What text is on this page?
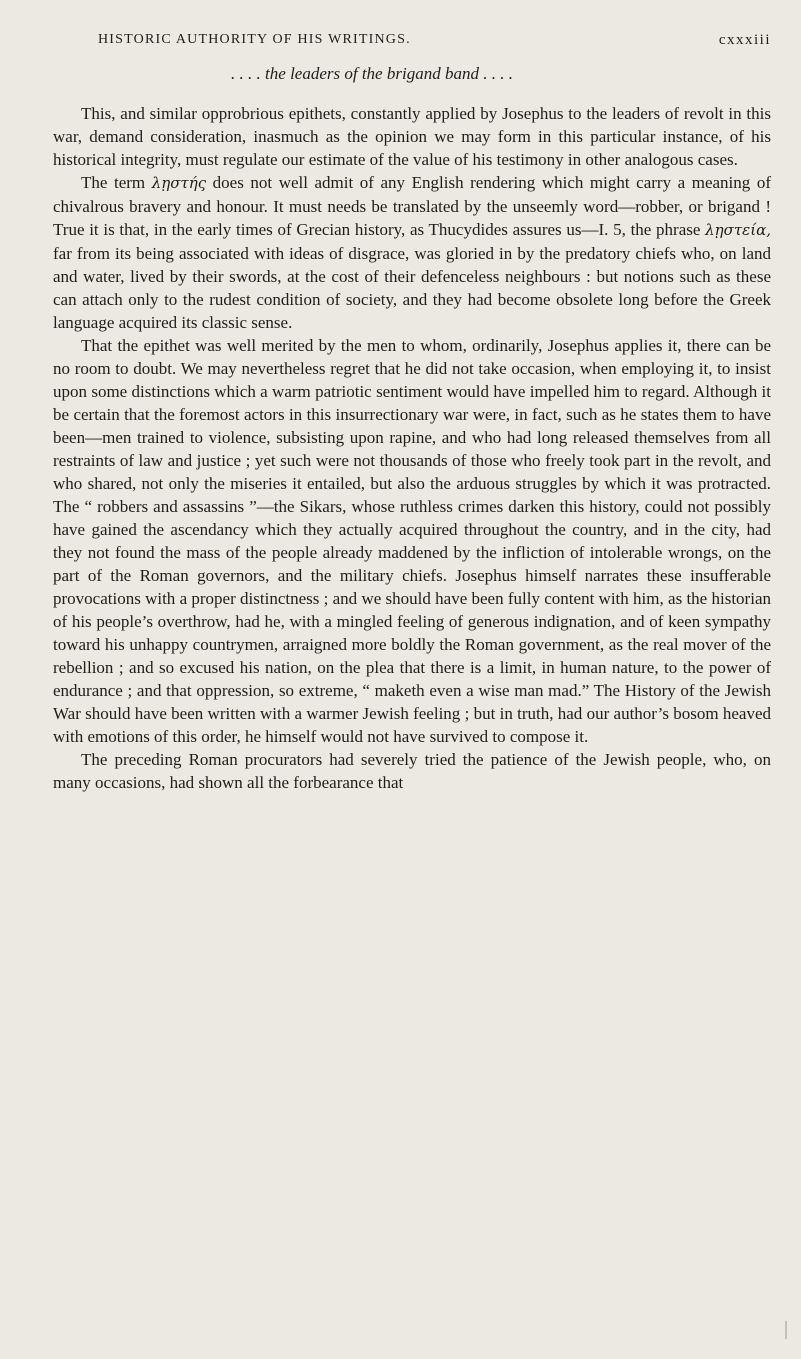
HISTORIC AUTHORITY OF HIS WRITINGS.	cxxxiii
. . . . the leaders of the brigand band . . . .

This, and similar opprobrious epithets, constantly applied by Josephus to the leaders of revolt in this war, demand consideration, inasmuch as the opinion we may form in this particular instance, of his historical integrity, must regulate our estimate of the value of his testimony in other analogous cases.

The term λῃστής does not well admit of any English rendering which might carry a meaning of chivalrous bravery and honour. It must needs be translated by the unseemly word—robber, or brigand ! True it is that, in the early times of Grecian history, as Thucydides assures us—I. 5, the phrase λῃστεία, far from its being associated with ideas of disgrace, was gloried in by the predatory chiefs who, on land and water, lived by their swords, at the cost of their defenceless neighbours : but notions such as these can attach only to the rudest condition of society, and they had become obsolete long before the Greek language acquired its classic sense.

That the epithet was well merited by the men to whom, ordinarily, Josephus applies it, there can be no room to doubt. We may nevertheless regret that he did not take occasion, when employing it, to insist upon some distinctions which a warm patriotic sentiment would have impelled him to regard. Although it be certain that the foremost actors in this insurrectionary war were, in fact, such as he states them to have been—men trained to violence, subsisting upon rapine, and who had long released themselves from all restraints of law and justice ; yet such were not thousands of those who freely took part in the revolt, and who shared, not only the miseries it entailed, but also the arduous struggles by which it was protracted. The “ robbers and assassins ”—the Sikars, whose ruthless crimes darken this history, could not possibly have gained the ascendancy which they actually acquired throughout the country, and in the city, had they not found the mass of the people already maddened by the infliction of intolerable wrongs, on the part of the Roman governors, and the military chiefs. Josephus himself narrates these insufferable provocations with a proper distinctness ; and we should have been fully content with him, as the historian of his people’s overthrow, had he, with a mingled feeling of generous indignation, and of keen sympathy toward his unhappy countrymen, arraigned more boldly the Roman government, as the real mover of the rebellion ; and so excused his nation, on the plea that there is a limit, in human nature, to the power of endurance ; and that oppression, so extreme, “ maketh even a wise man mad.” The History of the Jewish War should have been written with a warmer Jewish feeling ; but in truth, had our author’s bosom heaved with emotions of this order, he himself would not have survived to compose it.

The preceding Roman procurators had severely tried the patience of the Jewish people, who, on many occasions, had shown all the forbearance that
